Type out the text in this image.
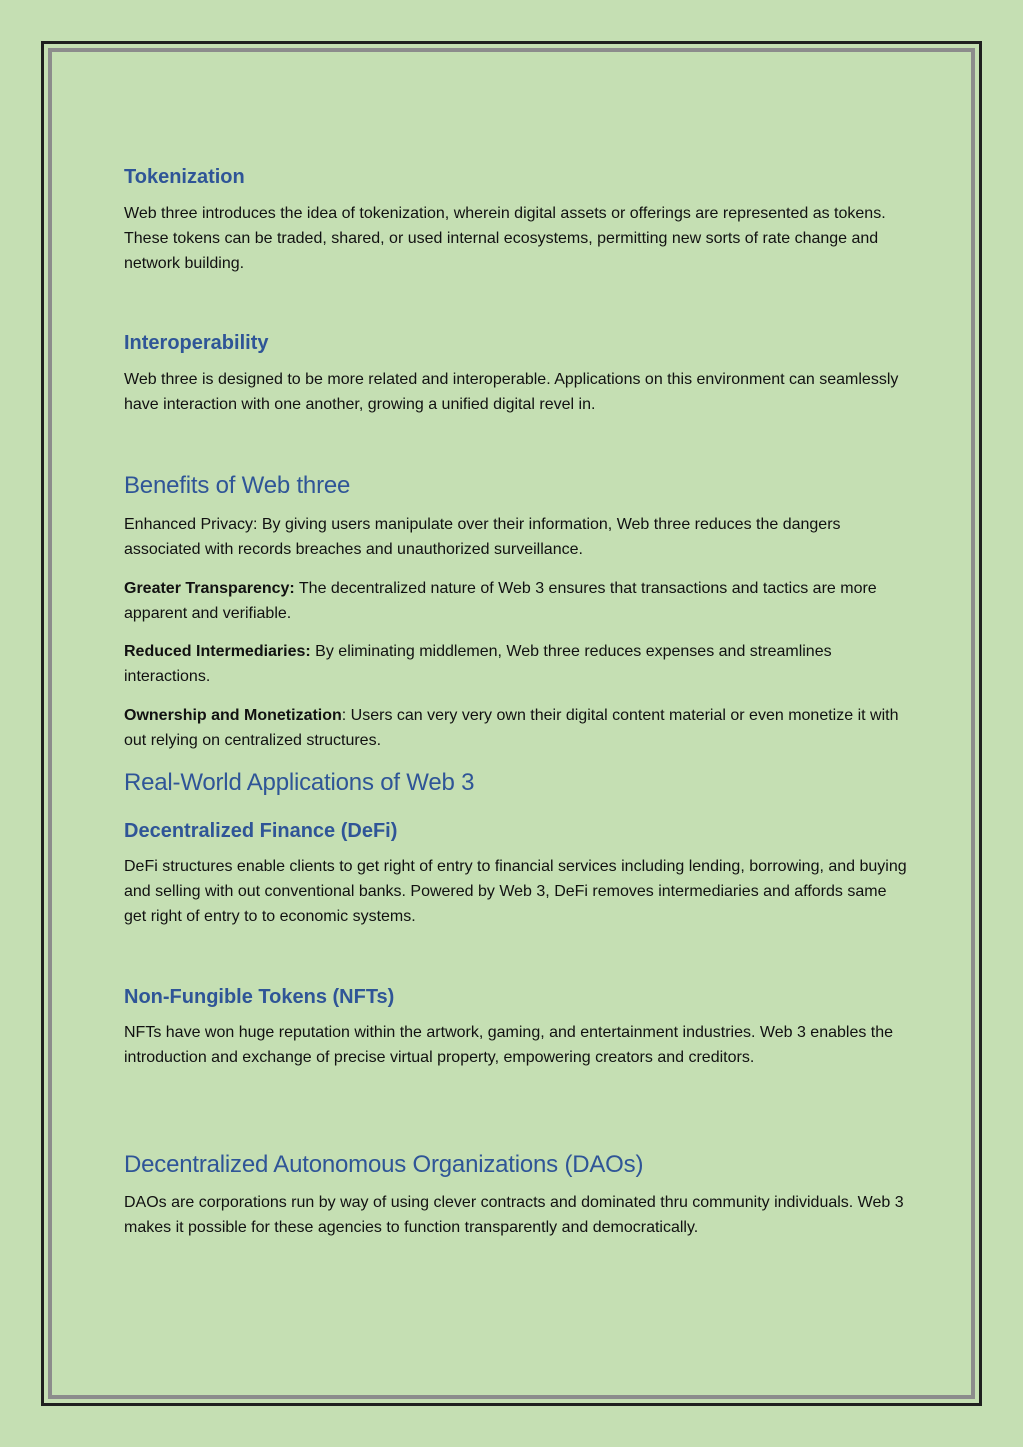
Tokenization

Web three introduces the idea of tokenization, wherein digital assets or offerings are represented as tokens. These tokens can be traded, shared, or used internal ecosystems, permitting new sorts of rate change and network building.

Interoperability

Web three is designed to be more related and interoperable. Applications on this environment can seamlessly have interaction with one another, growing a unified digital revel in.

Benefits of Web three

Enhanced Privacy: By giving users manipulate over their information, Web three reduces the dangers associated with records breaches and unauthorized surveillance.

Greater Transparency: The decentralized nature of Web 3 ensures that transactions and tactics are more apparent and verifiable.

Reduced Intermediaries: By eliminating middlemen, Web three reduces expenses and streamlines interactions.

Ownership and Monetization: Users can very very own their digital content material or even monetize it with out relying on centralized structures.

Real-World Applications of Web 3
Decentralized Finance (DeFi)

DeFi structures enable clients to get right of entry to financial services including lending, borrowing, and buying and selling with out conventional banks. Powered by Web 3, DeFi removes intermediaries and affords same get right of entry to to economic systems.

Non-Fungible Tokens (NFTs)

NFTs have won huge reputation within the artwork, gaming, and entertainment industries. Web 3 enables the introduction and exchange of precise virtual property, empowering creators and creditors.

Decentralized Autonomous Organizations (DAOs)

DAOs are corporations run by way of using clever contracts and dominated thru community individuals. Web 3 makes it possible for these agencies to function transparently and democratically.
